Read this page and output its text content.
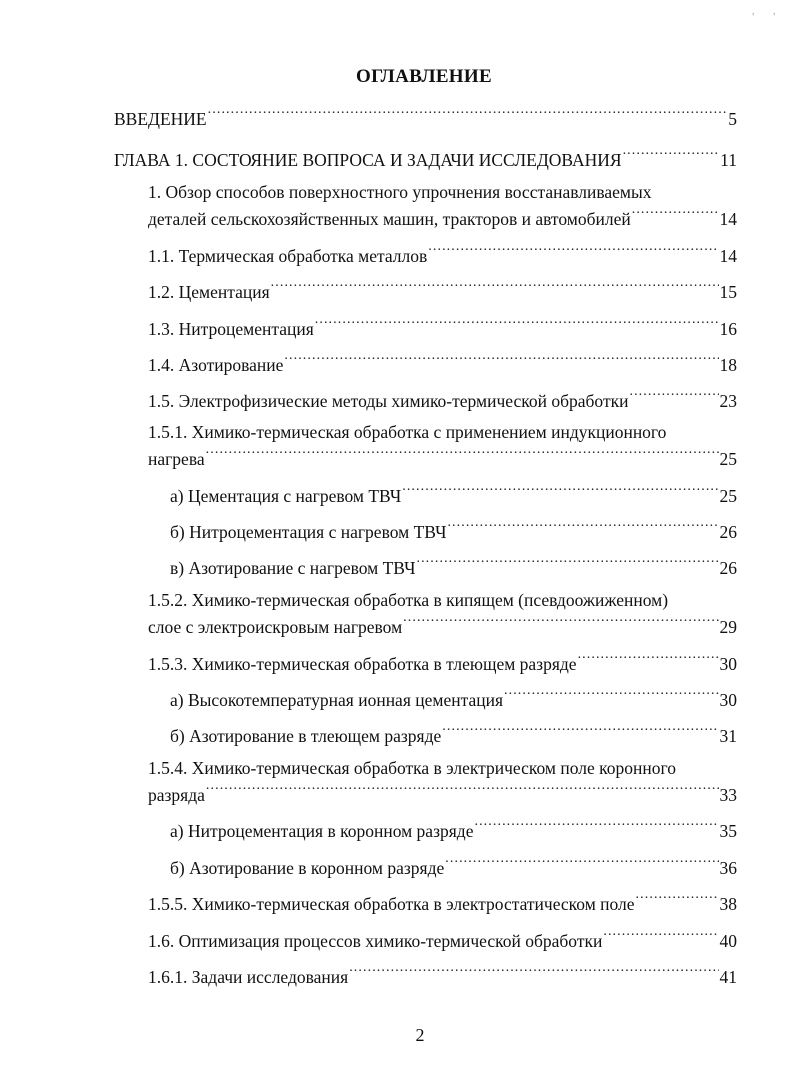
, ,
ОГЛАВЛЕНИЕ
ВВЕДЕНИЕ .....	5
ГЛАВА 1. СОСТОЯНИЕ ВОПРОСА И ЗАДАЧИ ИССЛЕДОВАНИЯ .....	11
1. Обзор способов поверхностного упрочнения восстанавливаемых
деталей сельскохозяйственных машин, тракторов и автомобилей .....	14
1.1. Термическая обработка металлов .....	14
1.2. Цементация .....	15
1.3. Нитроцементация .....	16
1.4. Азотирование .....	18
1.5. Электрофизические методы химико-термической обработки .....	23
1.5.1. Химико-термическая обработка с применением индукционного
нагрева .....	25
а) Цементация с нагревом ТВЧ .....	25
б) Нитроцементация с нагревом ТВЧ .....	26
в) Азотирование с нагревом ТВЧ .....	26
1.5.2. Химико-термическая обработка в кипящем (псевдоожиженном)
слое с электроискровым нагревом .....	29
1.5.3. Химико-термическая обработка в тлеющем разряде .....	30
а) Высокотемпературная ионная цементация .....	30
б) Азотирование в тлеющем разряде .....	31
1.5.4. Химико-термическая обработка в электрическом поле коронного
разряда .....	33
а) Нитроцементация в коронном разряде .....	35
б) Азотирование в коронном разряде .....	36
1.5.5. Химико-термическая обработка в электростатическом поле .....	38
1.6. Оптимизация процессов химико-термической обработки .....	40
1.6.1. Задачи исследования .....	41
2
